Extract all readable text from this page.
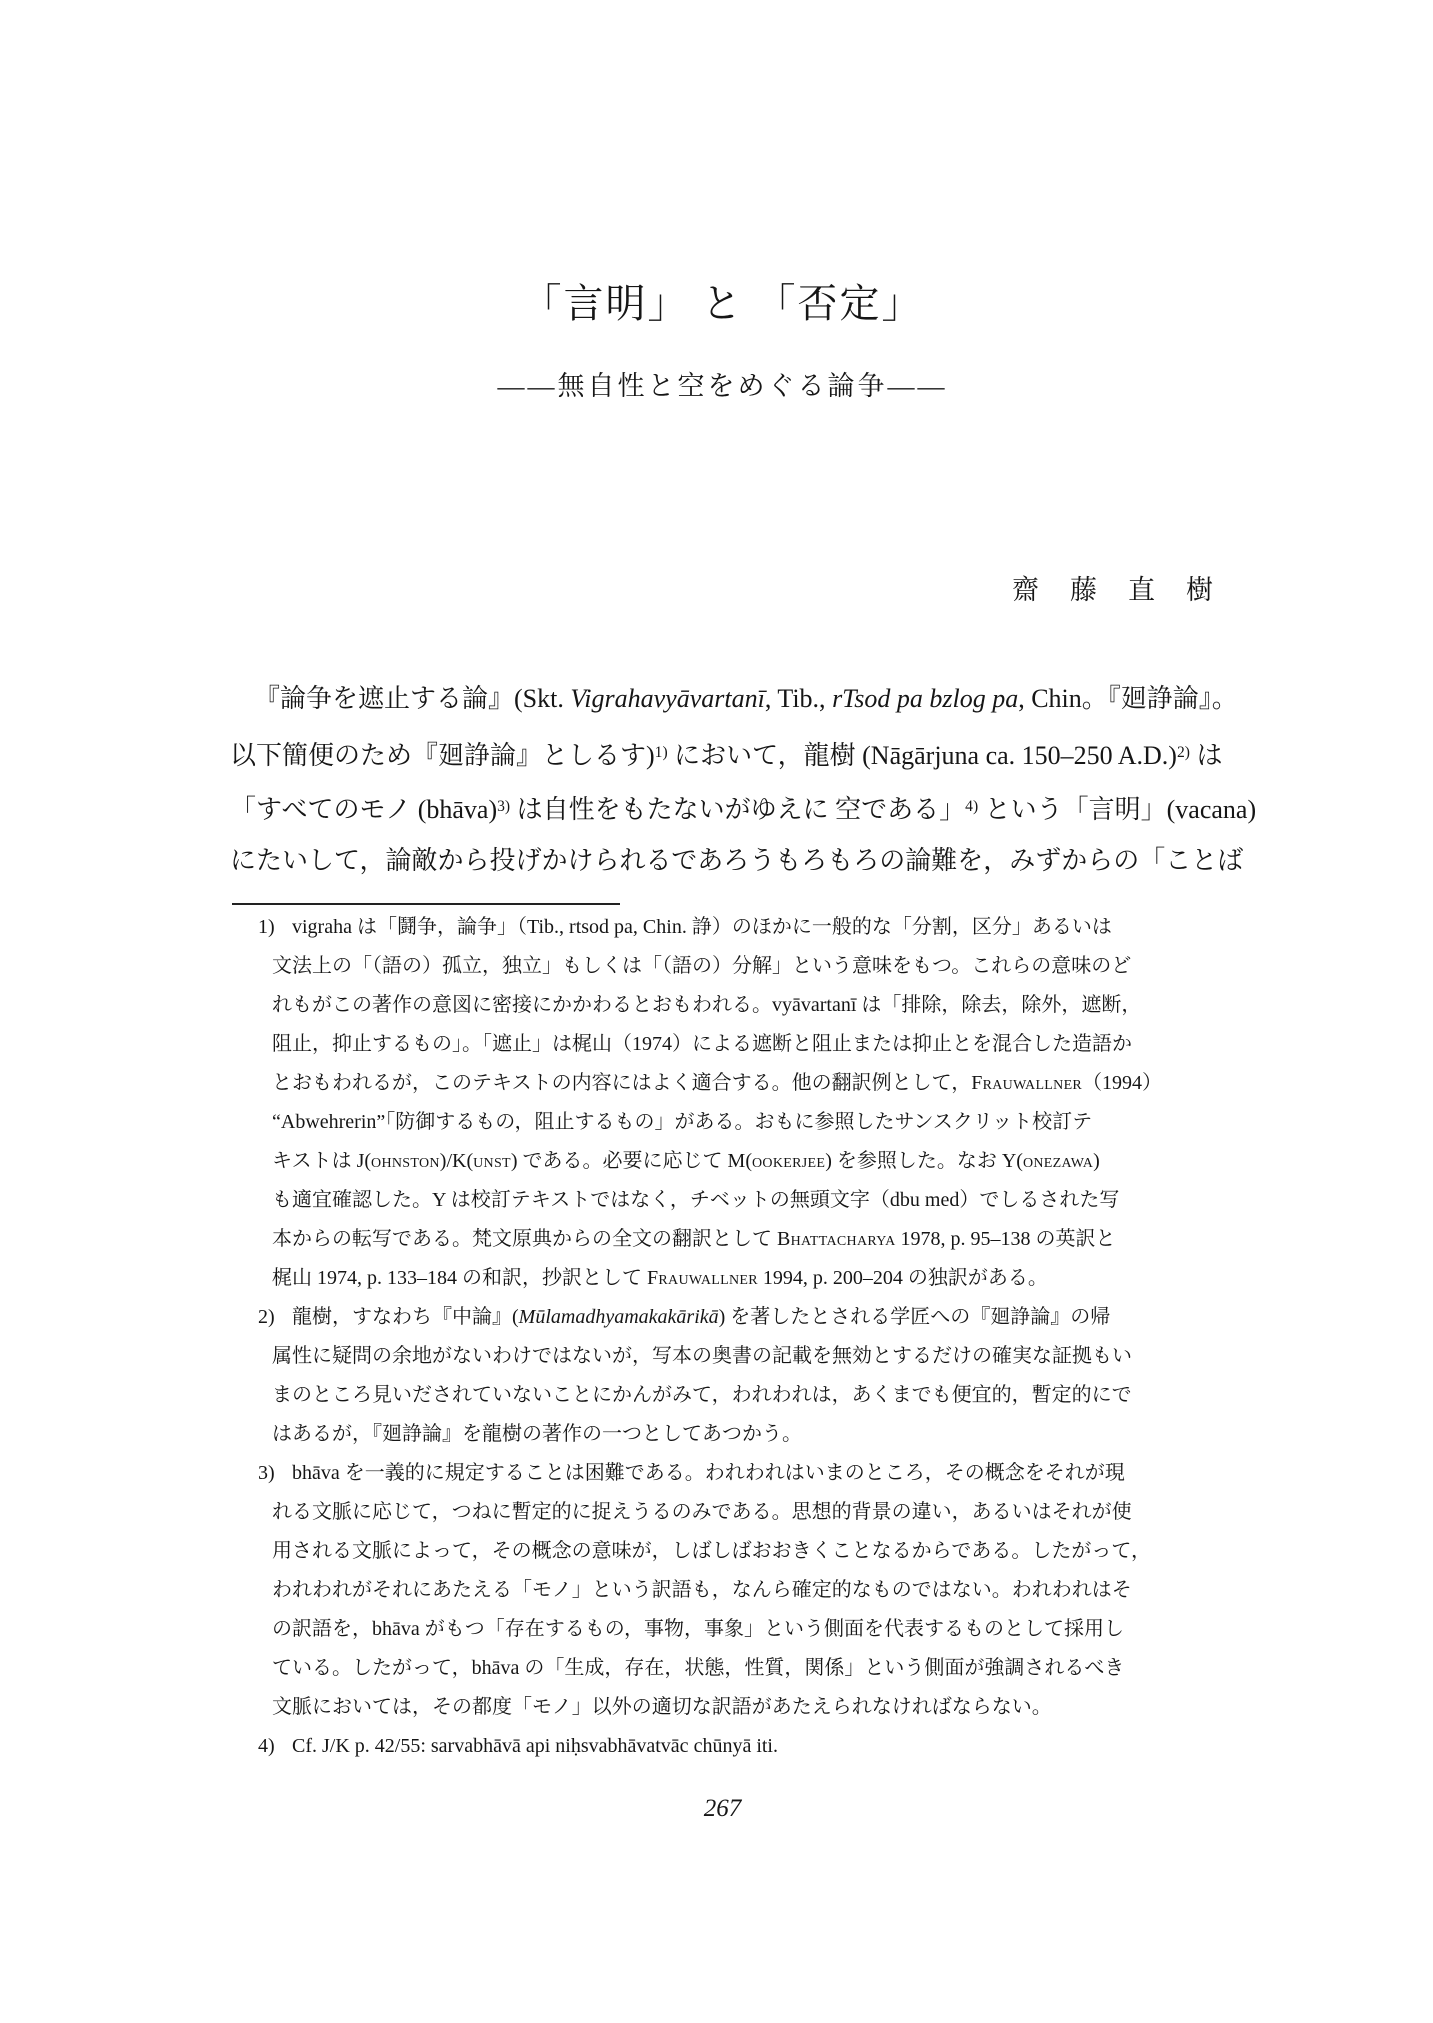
「言明」 と 「否定」
――無自性と空をめぐる論争――
齋　藤　直　樹
『論争を遮止する論』(Skt. Vigrahavyāvartanī, Tib., rTsod pa bzlog pa, Chin。『廻諍論』。
以下簡便のため『廻諍論』としるす)$^{1)}$ において，龍樹 (Nāgārjuna ca. 150–250 A.D.)$^{2)}$ は
「すべてのモノ (bhāva)$^{3)}$ は自性をもたないがゆえに 空である」$^{4)}$ という「言明」(vacana)
にたいして，論敵から投げかけられるであろうもろもろの論難を，みずからの「ことば
1) vigraha は「鬪争，論争」（Tib., rtsod pa, Chin. 諍）のほかに一般的な「分割，区分」あるいは
文法上の「（語の）孤立，独立」もしくは「（語の）分解」という意味をもつ。これらの意味のど
れもがこの著作の意図に密接にかかわるとおもわれる。vyāvartanī は「排除，除去，除外，遮断，
阻止，抑止するもの」。「遮止」は梶山（1974）による遮断と阻止または抑止とを混合した造語か
とおもわれるが，このテキストの内容にはよく適合する。他の翻訳例として，Frauwallner（1994）
“Abwehrerin”「防御するもの，阻止するもの」がある。おもに参照したサンスクリット校訂テ
キストは J(ohnston)/K(unst) である。必要に応じて M(ookerjee) を参照した。なお Y(onezawa)
も適宜確認した。Y は校訂テキストではなく，チベットの無頭文字（dbu med）でしるされた写
本からの転写である。梵文原典からの全文の翻訳として Bhattacharya 1978, p. 95–138 の英訳と
梶山 1974, p. 133–184 の和訳，抄訳として Frauwallner 1994, p. 200–204 の独訳がある。
2) 龍樹，すなわち『中論』(Mūlamadhyamakakārikā) を著したとされる学匠への『廻諍論』の帰
属性に疑問の余地がないわけではないが，写本の奥書の記載を無効とするだけの確実な証拠もい
まのところ見いだされていないことにかんがみて，われわれは，あくまでも便宜的，暫定的にで
はあるが，『廻諍論』を龍樹の著作の一つとしてあつかう。
3) bhāva を一義的に規定することは困難である。われわれはいまのところ，その概念をそれが現
れる文脈に応じて，つねに暫定的に捉えうるのみである。思想的背景の違い，あるいはそれが使
用される文脈によって，その概念の意味が，しばしばおおきくことなるからである。したがって，
われわれがそれにあたえる「モノ」という訳語も，なんら確定的なものではない。われわれはそ
の訳語を，bhāva がもつ「存在するもの，事物，事象」という側面を代表するものとして採用し
ている。したがって，bhāva の「生成，存在，状態，性質，関係」という側面が強調されるべき
文脈においては，その都度「モノ」以外の適切な訳語があたえられなければならない。
4) Cf. J/K p. 42/55: sarvabhāvā api niḥsvabhāvatvāc chūnyā iti.
267
